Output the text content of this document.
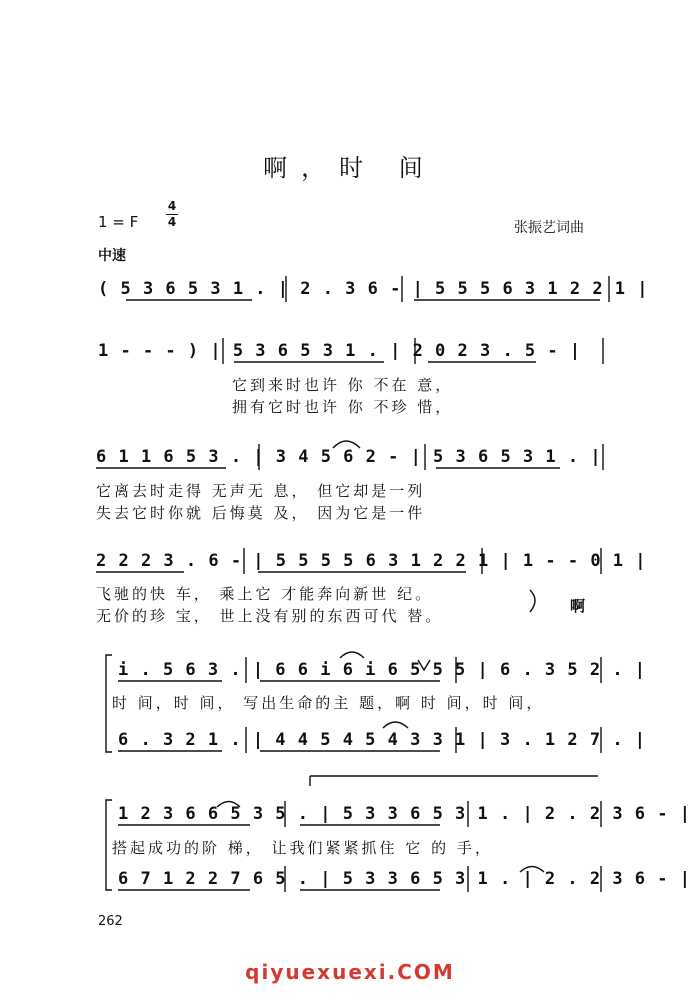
啊，时 间
1 = F
4
4	张振艺词曲
中速
( 5 3 6 5 3 1 . | 2 . 3 6 - | 5 5 5 6 3 1 2 2 1 |
1 - - - ) | 5 3 6 5 3 1 . | 2 0 2 3 . 5 - |
它到来时也许 你 不在 意，
拥有它时也许 你 不珍 惜，
6 1 1 6 5 3 . | 3 4 5 6 2 - | 5 3 6 5 3 1 . |
它离去时走得 无声无 息， 但它却是一列
失去它时你就 后悔莫 及， 因为它是一件
2 2 2 3 . 6 - | 5 5 5 5 6 3 1 2 2 1 | 1 - - 0 1 |
飞驰的快 车， 乘上它 才能奔向新世 纪。
无价的珍 宝， 世上没有别的东西可代 替。
啊
i . 5 6 3 . | 6 6 i 6 i 6 5 5 5 | 6 . 3 5 2 . |
时 间，时 间， 写出生命的主 题，啊 时 间，时 间，
6 . 3 2 1 . | 4 4 5 4 5 4 3 3 1 | 3 . 1 2 7 . |
1 2 3 6 6 5 3 5 . | 5 3 3 6 5 3 1 . | 2 . 2 3 6 - |
搭起成功的阶 梯， 让我们紧紧抓住 它 的 手，
6 7 1 2 2 7 6 5 . | 5 3 3 6 5 3 1 . | 2 . 2 3 6 - |
262
qiyuexuexi.COM
